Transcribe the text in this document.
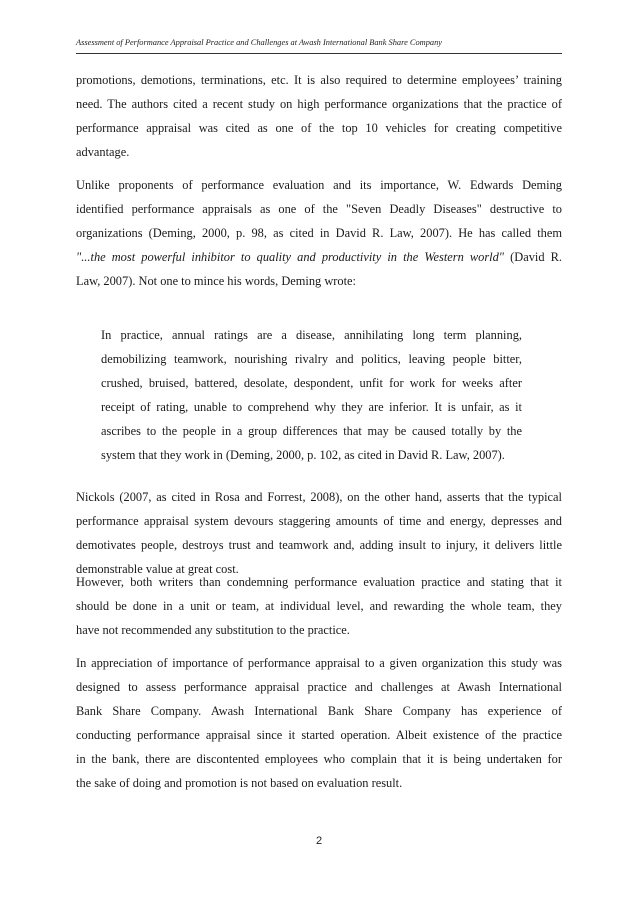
Assessment of Performance Appraisal Practice and Challenges at Awash International Bank Share Company

promotions, demotions, terminations, etc. It is also required to determine employees’ training
need. The authors cited a recent study on high performance organizations that the practice of
performance appraisal was cited as one of the top 10 vehicles for creating competitive
advantage.

Unlike proponents of performance evaluation and its importance, W. Edwards Deming
identified performance appraisals as one of the "Seven Deadly Diseases" destructive to
organizations (Deming, 2000, p. 98, as cited in David R. Law, 2007). He has called them
"...the most powerful inhibitor to quality and productivity in the Western world" (David R.
Law, 2007). Not one to mince his words, Deming wrote:

In practice, annual ratings are a disease, annihilating long term planning,
demobilizing teamwork, nourishing rivalry and politics, leaving people bitter,
crushed, bruised, battered, desolate, despondent, unfit for work for weeks after
receipt of rating, unable to comprehend why they are inferior. It is unfair, as it
ascribes to the people in a group differences that may be caused totally by the
system that they work in (Deming, 2000, p. 102, as cited in David R. Law, 2007).

Nickols (2007, as cited in Rosa and Forrest, 2008), on the other hand, asserts that the typical
performance appraisal system devours staggering amounts of time and energy, depresses and
demotivates people, destroys trust and teamwork and, adding insult to injury, it delivers little
demonstrable value at great cost.

However, both writers than condemning performance evaluation practice and stating that it
should be done in a unit or team, at individual level, and rewarding the whole team, they
have not recommended any substitution to the practice.

In appreciation of importance of performance appraisal to a given organization this study was
designed to assess performance appraisal practice and challenges at Awash International
Bank Share Company. Awash International Bank Share Company has experience of
conducting performance appraisal since it started operation. Albeit existence of the practice
in the bank, there are discontented employees who complain that it is being undertaken for
the sake of doing and promotion is not based on evaluation result.

2
